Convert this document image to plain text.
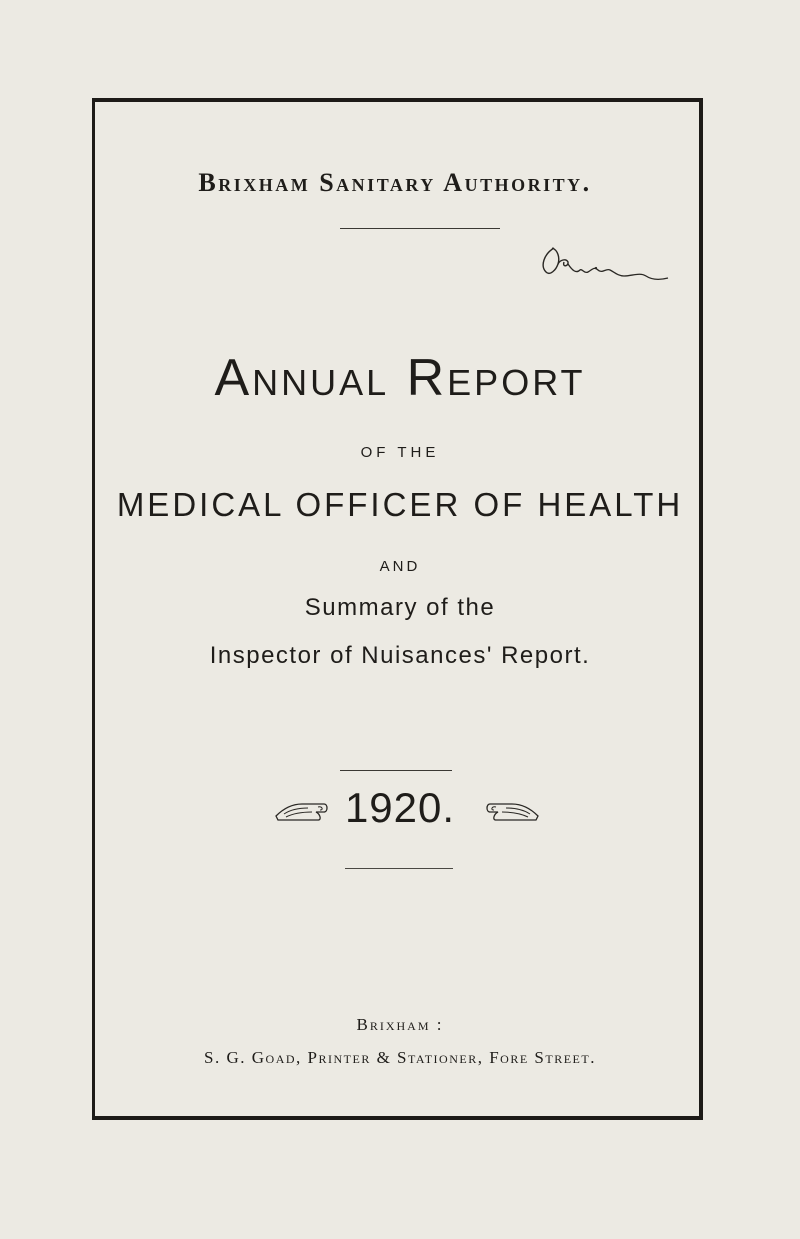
Brixham Sanitary Authority.
Annual Report
OF THE
MEDICAL OFFICER OF HEALTH
AND
Summary of the
Inspector of Nuisances' Report.
1920.
Brixham :
S. G. Goad, Printer & Stationer, Fore Street.
